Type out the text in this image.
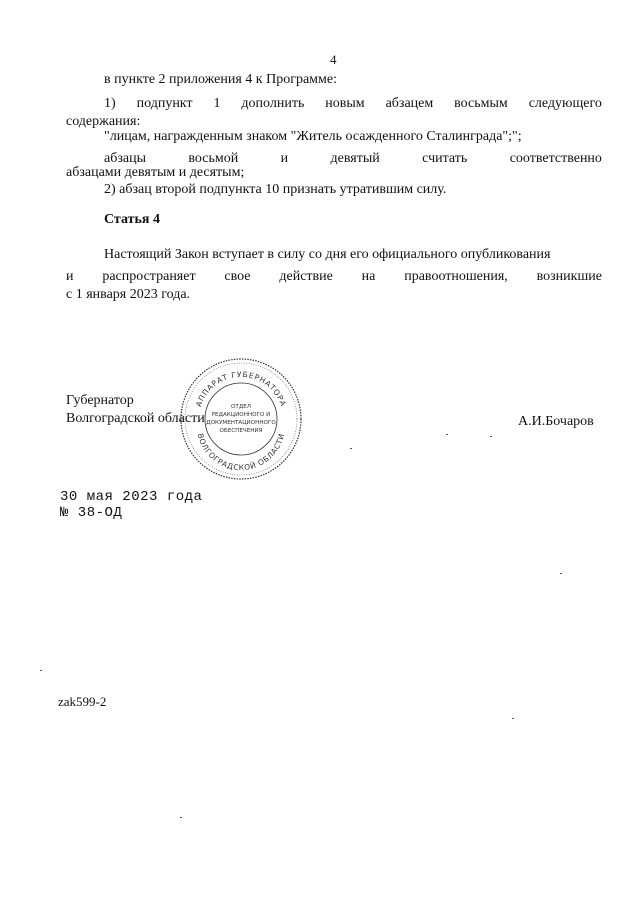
4
в пункте 2 приложения 4 к Программе:
1) подпункт 1 дополнить новым абзацем восьмым следующего
содержания:
"лицам, награжденным знаком "Житель осажденного Сталинграда";";
абзацы	восьмой	и	девятый	считать	соответственно
абзацами девятым и десятым;
2) абзац второй подпункта 10 признать утратившим силу.
Статья 4
Настоящий Закон вступает в силу со дня его официального опубликования
и распространяет свое действие на правоотношения, возникшие
с 1 января 2023 года.
АППАРАТ ГУБЕРНАТОРА
ВОЛГОГРАДСКОЙ ОБЛАСТИ
ОТДЕЛ
РЕДАКЦИОННОГО И
ДОКУМЕНТАЦИОННОГО
ОБЕСПЕЧЕНИЯ
Губернатор
Волгоградской области	А.И.Бочаров
30 мая 2023 года
№ 38-ОД
zak599-2
